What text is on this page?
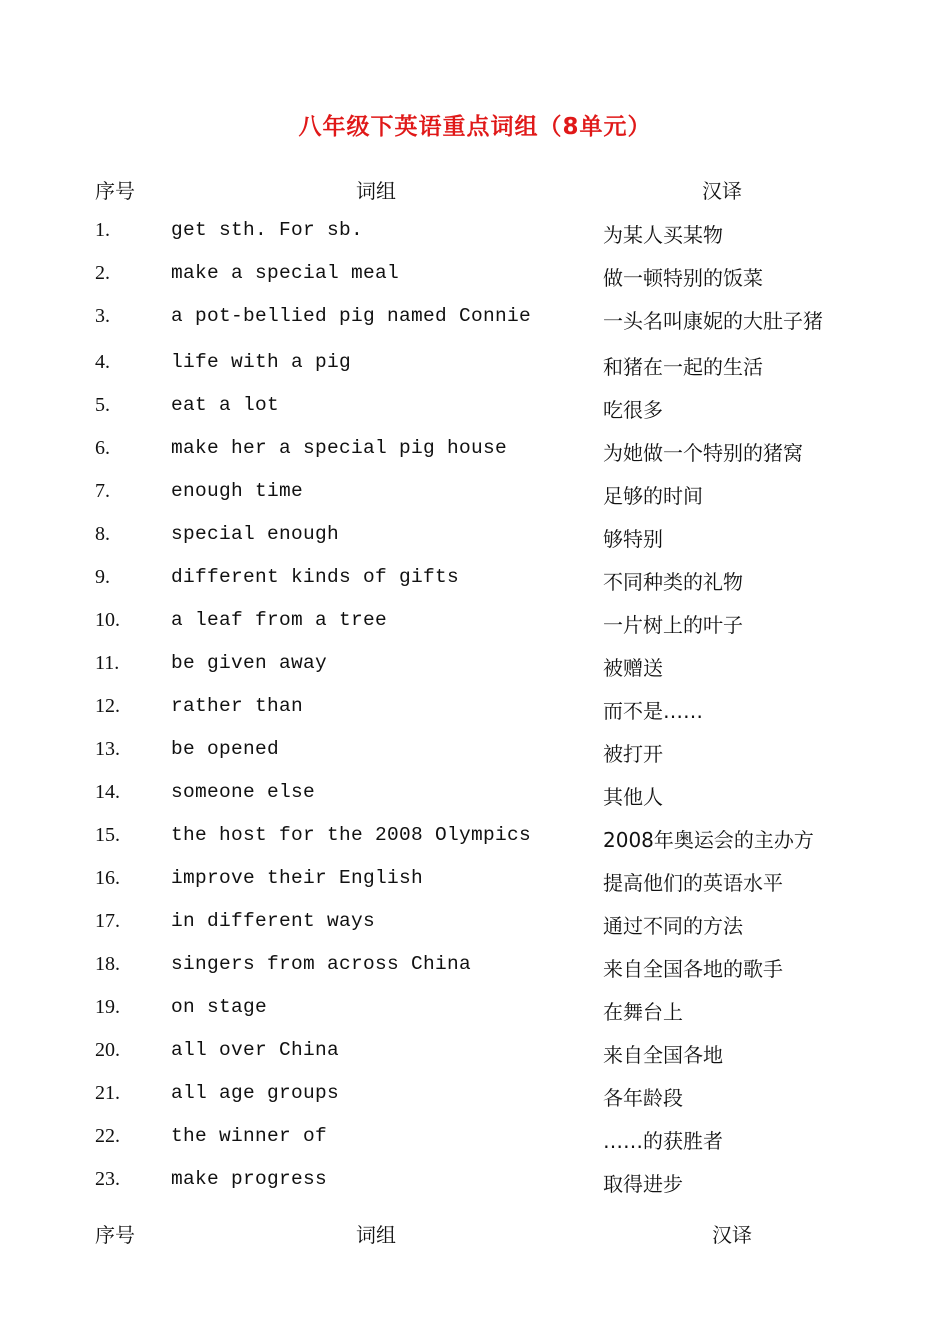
八年级下英语重点词组（8单元）
序号	词组	汉译
1.	get sth. For sb.	为某人买某物
2.	make a special meal	做一顿特别的饭菜
3.	a pot-bellied pig named Connie	一头名叫康妮的大肚子猪
4.	life with a pig	和猪在一起的生活
5.	eat a lot	吃很多
6.	make her a special pig house	为她做一个特别的猪窝
7.	enough time	足够的时间
8.	special enough	够特别
9.	different kinds of gifts	不同种类的礼物
10.	a leaf from a tree	一片树上的叶子
11.	be given away	被赠送
12.	rather than	而不是……
13.	be opened	被打开
14.	someone else	其他人
15.	the host for the 2008 Olympics	2008年奥运会的主办方
16.	improve their English	提高他们的英语水平
17.	in different ways	通过不同的方法
18.	singers from across China	来自全国各地的歌手
19.	on stage	在舞台上
20.	all over China	来自全国各地
21.	all age groups	各年龄段
22.	the winner of	……的获胜者
23.	make progress	取得进步
序号	词组	汉译
